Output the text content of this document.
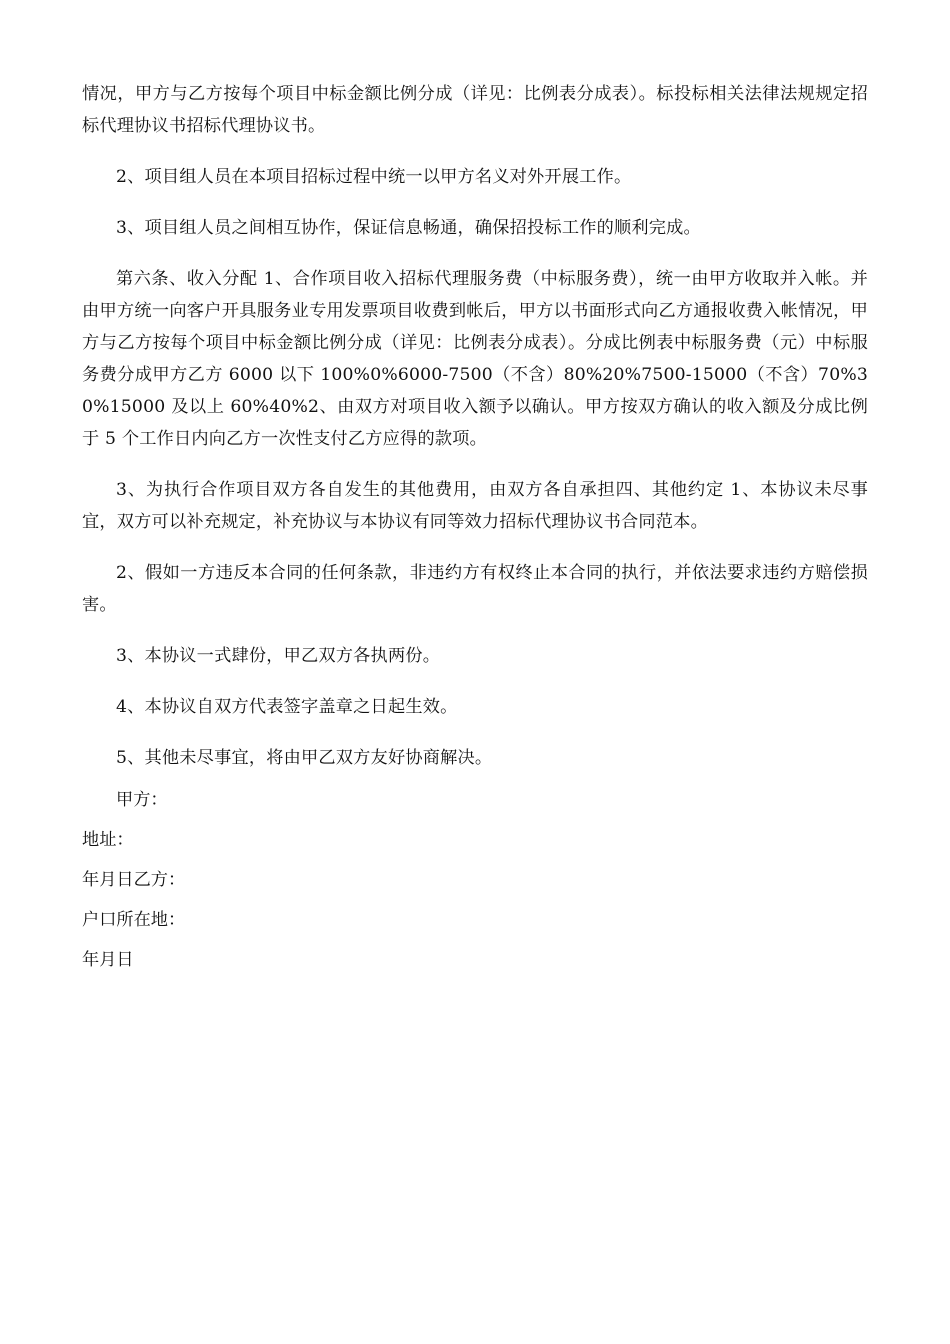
情况，甲方与乙方按每个项目中标金额比例分成（详见：比例表分成表）。标投标相关法律法规规定招标代理协议书招标代理协议书。

2、项目组人员在本项目招标过程中统一以甲方名义对外开展工作。

3、项目组人员之间相互协作，保证信息畅通，确保招投标工作的顺利完成。

第六条、收入分配 1、合作项目收入招标代理服务费（中标服务费），统一由甲方收取并入帐。并由甲方统一向客户开具服务业专用发票项目收费到帐后，甲方以书面形式向乙方通报收费入帐情况，甲方与乙方按每个项目中标金额比例分成（详见：比例表分成表）。分成比例表中标服务费（元）中标服务费分成甲方乙方 6000 以下 100%0%6000-7500（不含）80%20%7500-15000（不含）70%30%15000 及以上 60%40%2、由双方对项目收入额予以确认。甲方按双方确认的收入额及分成比例于 5 个工作日内向乙方一次性支付乙方应得的款项。

3、为执行合作项目双方各自发生的其他费用，由双方各自承担四、其他约定 1、本协议未尽事宜，双方可以补充规定，补充协议与本协议有同等效力招标代理协议书合同范本。

2、假如一方违反本合同的任何条款，非违约方有权终止本合同的执行，并依法要求违约方赔偿损害。

3、本协议一式肆份，甲乙双方各执两份。

4、本协议自双方代表签字盖章之日起生效。

5、其他未尽事宜，将由甲乙双方友好协商解决。

甲方：

地址：

年月日乙方：

户口所在地：

年月日
